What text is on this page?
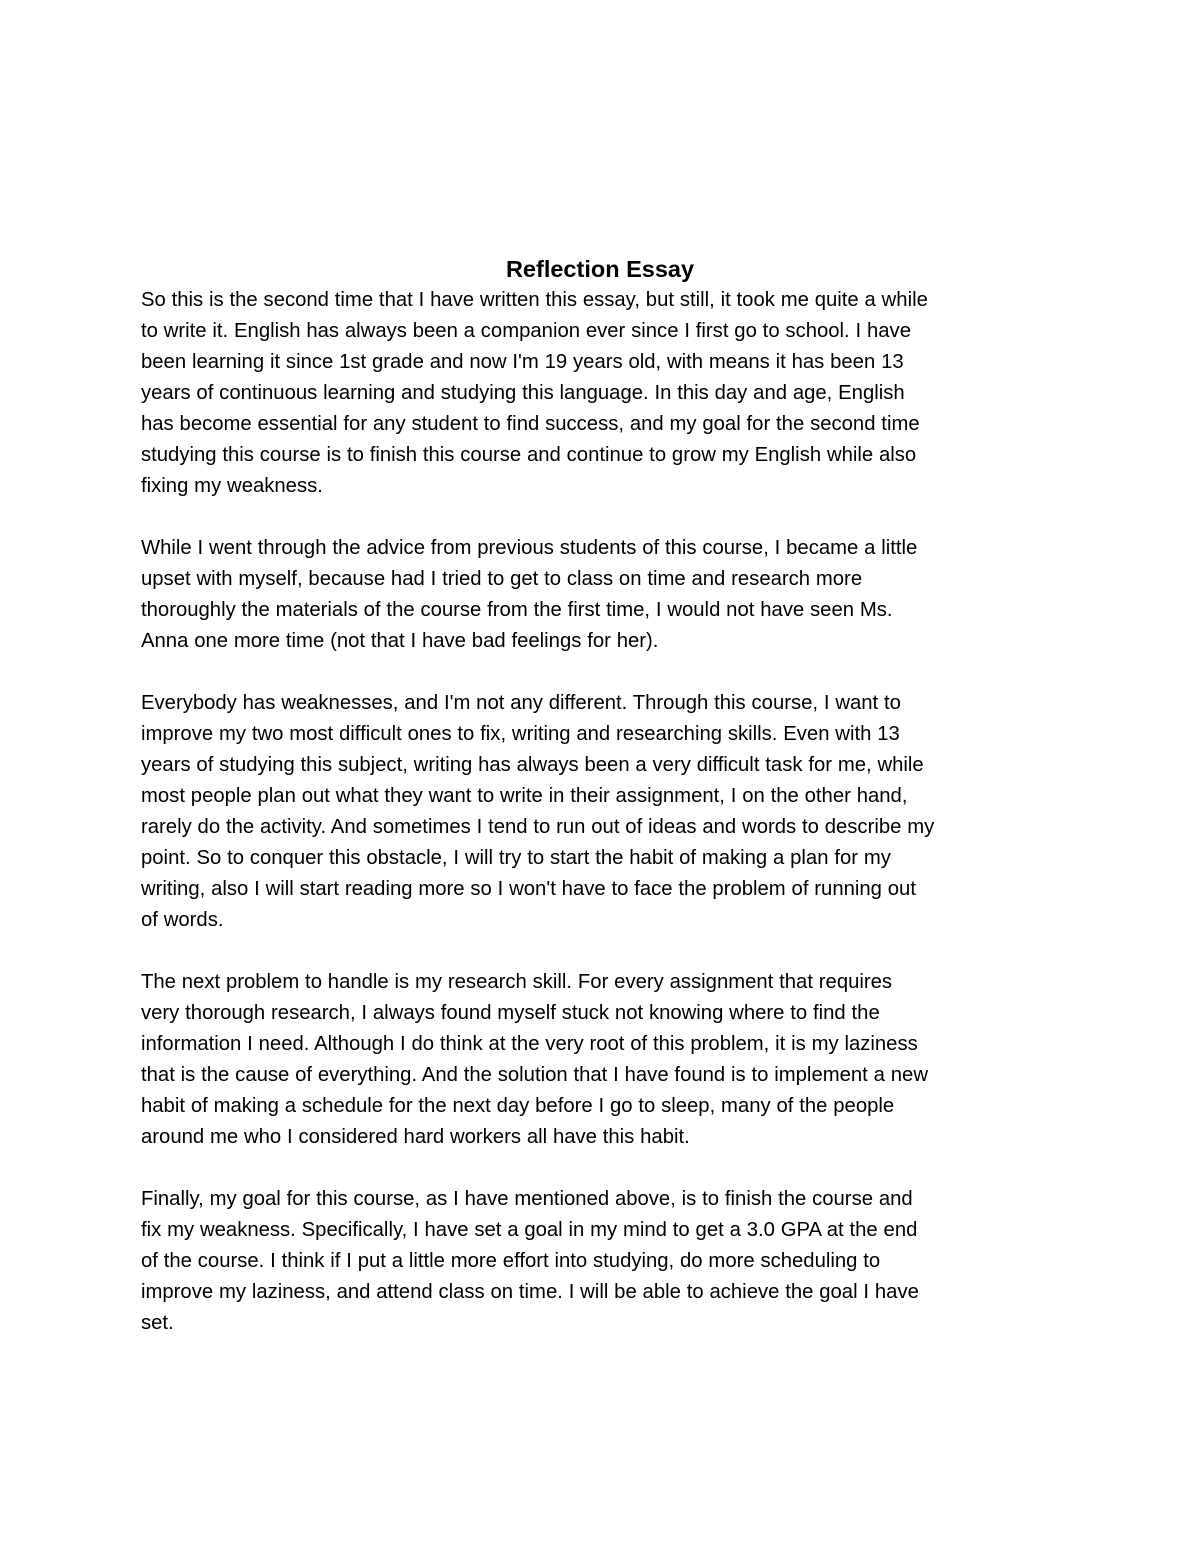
Reflection Essay

So this is the second time that I have written this essay, but still, it took me quite a while
to write it. English has always been a companion ever since I first go to school. I have
been learning it since 1st grade and now I'm 19 years old, with means it has been 13
years of continuous learning and studying this language. In this day and age, English
has become essential for any student to find success, and my goal for the second time
studying this course is to finish this course and continue to grow my English while also
fixing my weakness.

While I went through the advice from previous students of this course, I became a little
upset with myself, because had I tried to get to class on time and research more
thoroughly the materials of the course from the first time, I would not have seen Ms.
Anna one more time (not that I have bad feelings for her).

Everybody has weaknesses, and I'm not any different. Through this course, I want to
improve my two most difficult ones to fix, writing and researching skills. Even with 13
years of studying this subject, writing has always been a very difficult task for me, while
most people plan out what they want to write in their assignment, I on the other hand,
rarely do the activity. And sometimes I tend to run out of ideas and words to describe my
point. So to conquer this obstacle, I will try to start the habit of making a plan for my
writing, also I will start reading more so I won't have to face the problem of running out
of words.

The next problem to handle is my research skill. For every assignment that requires
very thorough research, I always found myself stuck not knowing where to find the
information I need. Although I do think at the very root of this problem, it is my laziness
that is the cause of everything. And the solution that I have found is to implement a new
habit of making a schedule for the next day before I go to sleep, many of the people
around me who I considered hard workers all have this habit.

Finally, my goal for this course, as I have mentioned above, is to finish the course and
fix my weakness. Specifically, I have set a goal in my mind to get a 3.0 GPA at the end
of the course. I think if I put a little more effort into studying, do more scheduling to
improve my laziness, and attend class on time. I will be able to achieve the goal I have
set.
